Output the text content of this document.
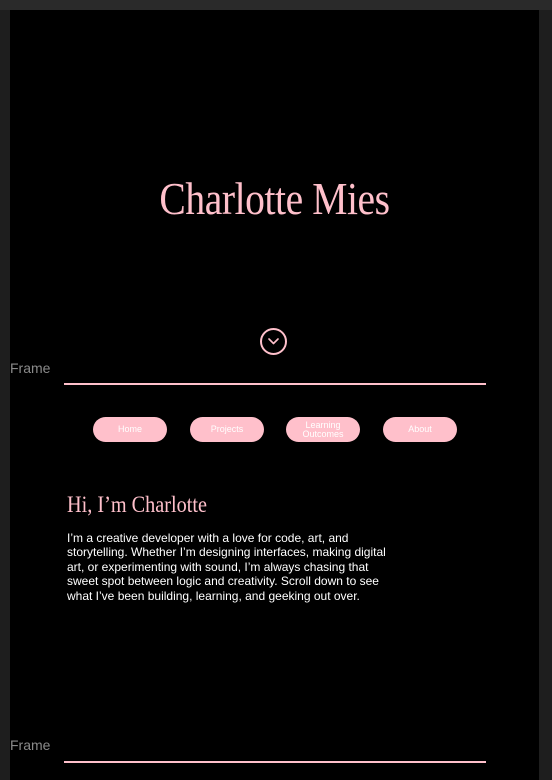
Frame
Charlotte Mies
Home	Projects	Learning Outcomes	About
Hi, I’m Charlotte
I’m a creative developer with a love for code, art, and storytelling. Whether I’m designing interfaces, making digital art, or experimenting with sound, I’m always chasing that sweet spot between logic and creativity. Scroll down to see what I’ve been building, learning, and geeking out over.
Frame
